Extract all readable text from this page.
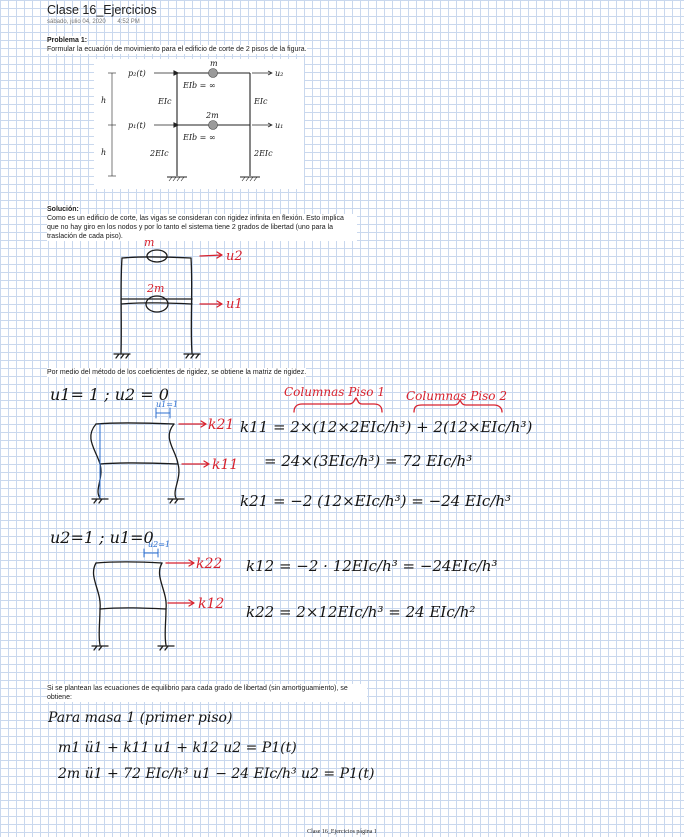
Clase 16_Ejercicios
sábado, julio 04, 2020 4:52 PM
Problema 1:
Formular la ecuación de movimiento para el edificio de corte de 2 pisos de la figura.
m
2m
p₂(t)
p₁(t)
EIb = ∞
EIb = ∞
EIc	EIc
2EIc	2EIc
h
h
u₂
u₁
Solución:
Como es un edificio de corte, las vigas se consideran con rigidez infinita en flexión. Esto implica que no hay giro en los nodos y por lo tanto el sistema tiene 2 grados de libertad (uno para la traslación de cada piso).	m
2m
u2
u1
Por medio del método de los coeficientes de rigidez, se obtiene la matriz de rigidez.
u1= 1 ; u2 = 0
u1=1
k21
k11
Columnas Piso 1 Columnas Piso 2
k11 = 2×(12×2EIc/h³) + 2(12×EIc/h³)
= 24×(3EIc/h³) = 72 EIc/h³
k21 = −2 (12×EIc/h³) = −24 EIc/h³
u2=1 ; u1=0
u2=1
k22
k12
k12 = −2 · 12EIc/h³ = −24EIc/h³
k22 = 2×12EIc/h³ = 24 EIc/h²
Si se plantean las ecuaciones de equilibrio para cada grado de libertad (sin amortiguamiento), se obtiene:
Para masa 1 (primer piso)
m1 ü1 + k11 u1 + k12 u2 = P1(t)
2m ü1 + 72 EIc/h³ u1 − 24 EIc/h³ u2 = P1(t)
Clase 16_Ejercicios página 1
